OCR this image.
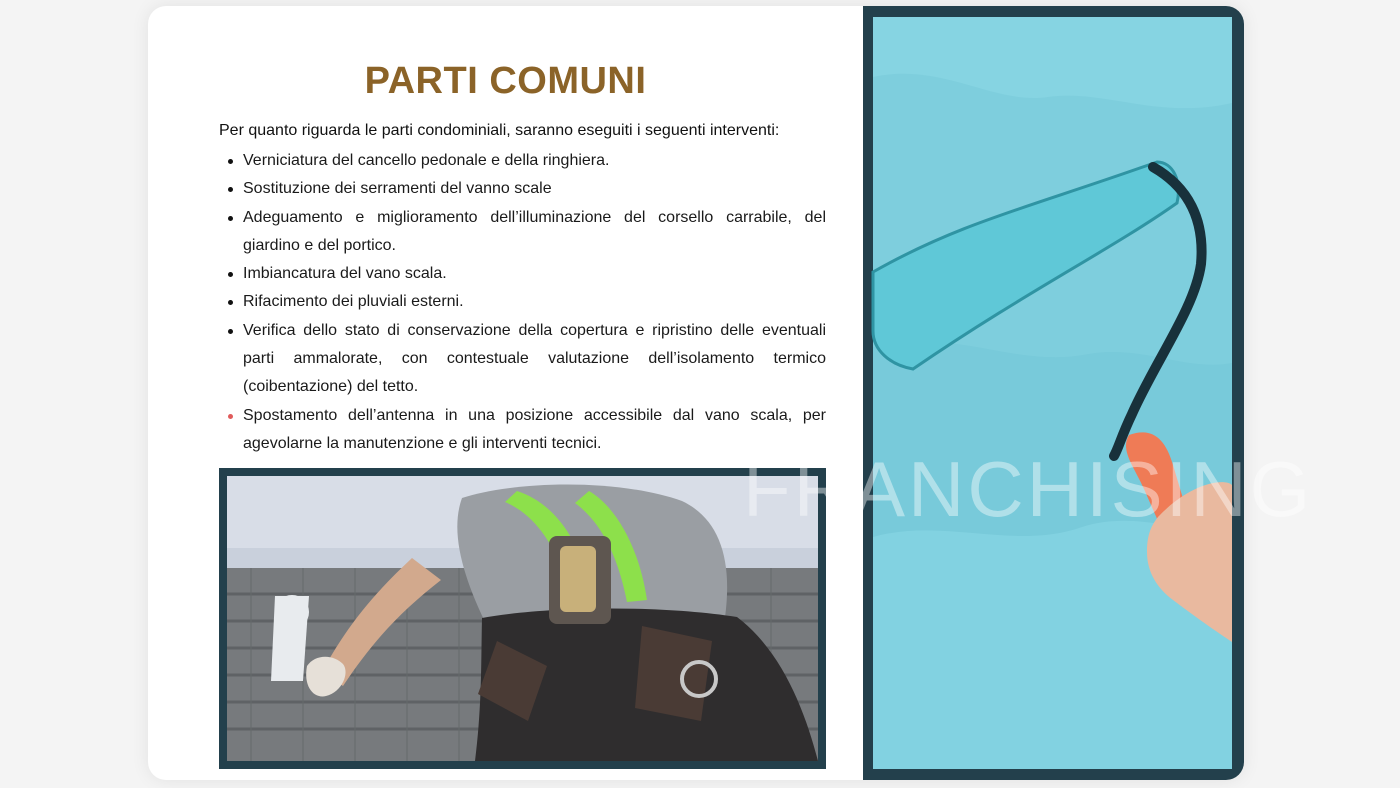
PARTI COMUNI

Per quanto riguarda le parti condominiali, saranno eseguiti i seguenti interventi:

Verniciatura del cancello pedonale e della ringhiera.
Sostituzione dei serramenti del vanno scale
Adeguamento e miglioramento dell’illuminazione del corsello carrabile, del giardino e del portico.
Imbiancatura del vano scala.
Rifacimento dei pluviali esterni.
Verifica dello stato di conservazione della copertura e ripristino delle eventuali parti ammalorate, con contestuale valutazione dell’isolamento termico (coibentazione) del tetto.
Spostamento dell’antenna in una posizione accessibile dal vano scala, per agevolarne la manutenzione e gli interventi tecnici.
FRANCHISING
